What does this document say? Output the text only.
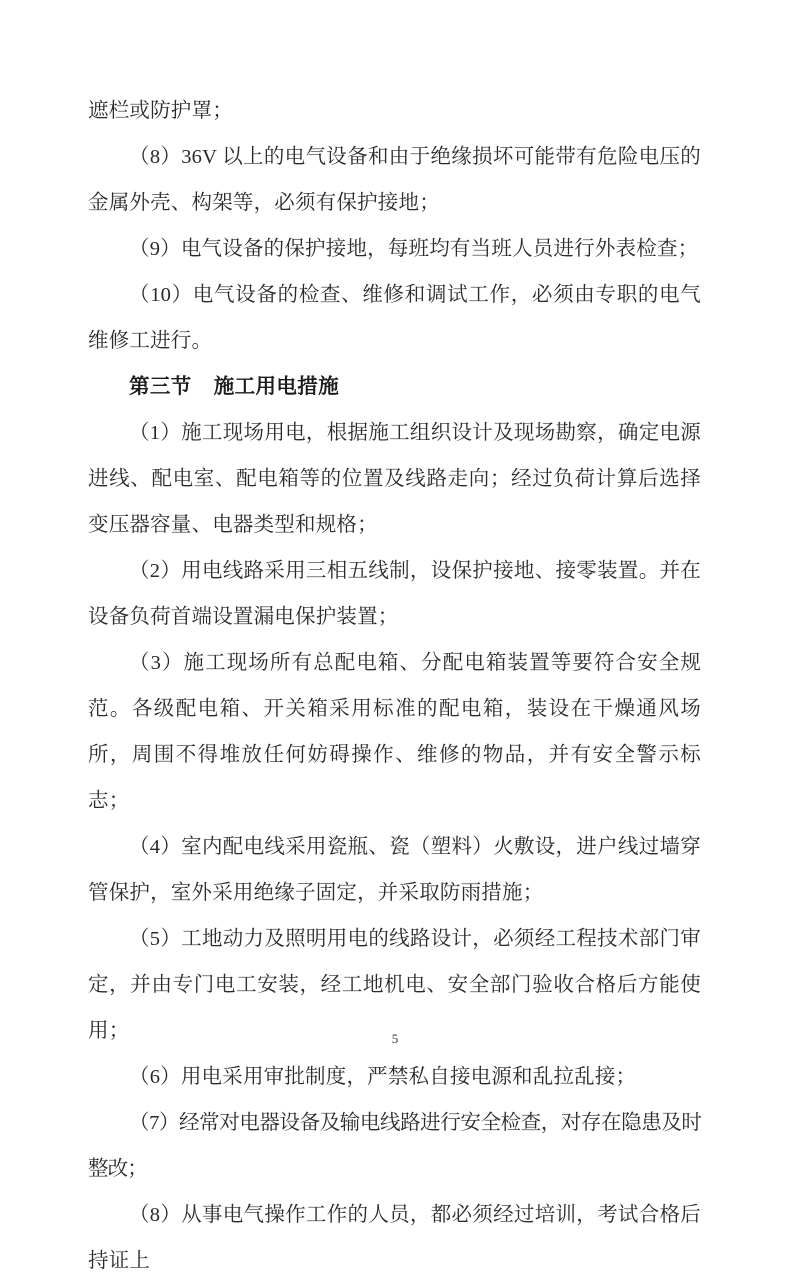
遮栏或防护罩；

（8）36V 以上的电气设备和由于绝缘损坏可能带有危险电压的金属外壳、构架等，必须有保护接地；

（9）电气设备的保护接地，每班均有当班人员进行外表检查；

（10）电气设备的检查、维修和调试工作，必须由专职的电气维修工进行。

第三节 施工用电措施

（1）施工现场用电，根据施工组织设计及现场勘察，确定电源进线、配电室、配电箱等的位置及线路走向；经过负荷计算后选择变压器容量、电器类型和规格；

（2）用电线路采用三相五线制，设保护接地、接零装置。并在设备负荷首端设置漏电保护装置；

（3）施工现场所有总配电箱、分配电箱装置等要符合安全规范。各级配电箱、开关箱采用标准的配电箱，装设在干燥通风场所，周围不得堆放任何妨碍操作、维修的物品，并有安全警示标志；

（4）室内配电线采用瓷瓶、瓷（塑料）火敷设，进户线过墙穿管保护，室外采用绝缘子固定，并采取防雨措施；

（5）工地动力及照明用电的线路设计，必须经工程技术部门审定，并由专门电工安装，经工地机电、安全部门验收合格后方能使用；

（6）用电采用审批制度，严禁私自接电源和乱拉乱接；

（7）经常对电器设备及输电线路进行安全检查，对存在隐患及时整改；

（8）从事电气操作工作的人员，都必须经过培训，考试合格后持证上

5
